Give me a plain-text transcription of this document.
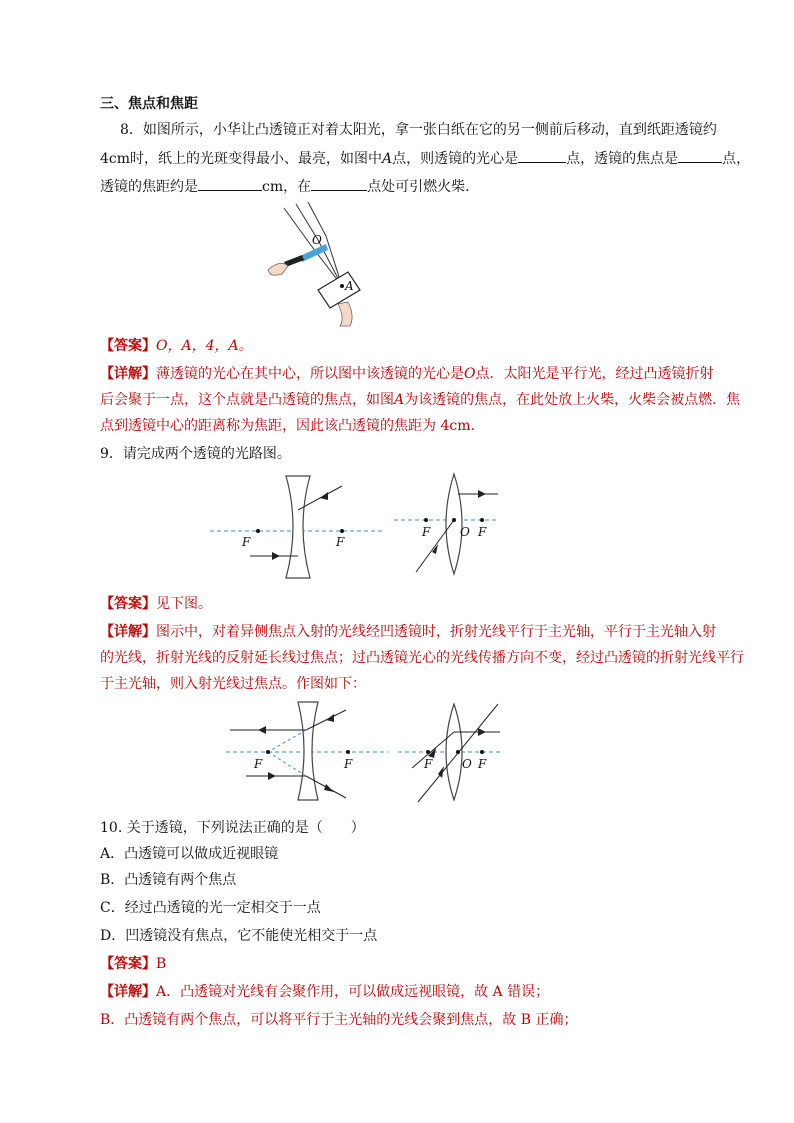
三、焦点和焦距
8．如图所示，小华让凸透镜正对着太阳光，拿一张白纸在它的另一侧前后移动，直到纸距透镜约
4cm时，纸上的光斑变得最小、最亮，如图中A点，则透镜的光心是	点，透镜的焦点是	点，
透镜的焦距约是	cm，在	点处可引燃火柴．
O
A
【答案】O，A，4，A。
【详解】薄透镜的光心在其中心，所以图中该透镜的光心是O点．太阳光是平行光，经过凸透镜折射
后会聚于一点，这个点就是凸透镜的焦点，如图A为该透镜的焦点，在此处放上火柴，火柴会被点燃．焦
点到透镜中心的距离称为焦距，因此该凸透镜的焦距为 4cm.
9．请完成两个透镜的光路图。
F	F
F O F
【答案】见下图。
【详解】图示中，对着异侧焦点入射的光线经凹透镜时，折射光线平行于主光轴，平行于主光轴入射
的光线，折射光线的反射延长线过焦点；过凸透镜光心的光线传播方向不变，经过凸透镜的折射光线平行
于主光轴，则入射光线过焦点。作图如下：
F	F	F O F
10. 关于透镜，下列说法正确的是（　　）
A．凸透镜可以做成近视眼镜
B．凸透镜有两个焦点
C．经过凸透镜的光一定相交于一点
D．凹透镜没有焦点，它不能使光相交于一点
【答案】B
【详解】A．凸透镜对光线有会聚作用，可以做成远视眼镜，故 A 错误；
B．凸透镜有两个焦点，可以将平行于主光轴的光线会聚到焦点，故 B 正确；
